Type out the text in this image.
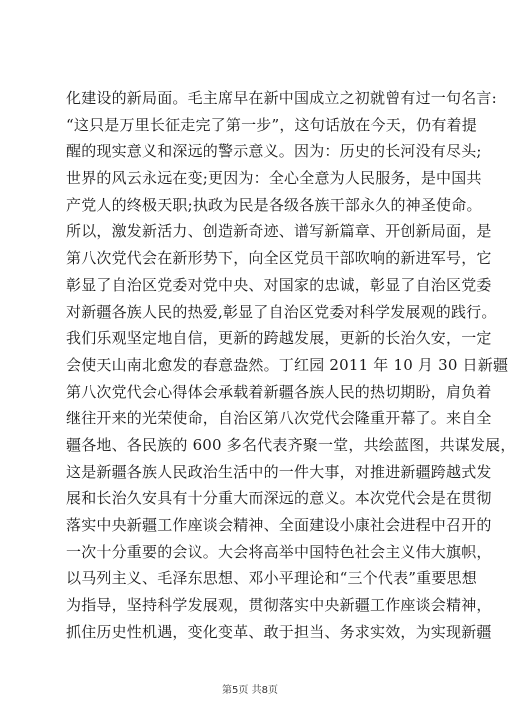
化建设的新局面。毛主席早在新中国成立之初就曾有过一句名言:
“这只是万里长征走完了第一步”，这句话放在今天，仍有着提
醒的现实意义和深远的警示意义。因为：历史的长河没有尽头;
世界的风云永远在变;更因为：全心全意为人民服务，是中国共
产党人的终极天职;执政为民是各级各族干部永久的神圣使命。
所以，激发新活力、创造新奇迹、谱写新篇章、开创新局面，是
第八次党代会在新形势下，向全区党员干部吹响的新进军号，它
彰显了自治区党委对党中央、对国家的忠诚，彰显了自治区党委
对新疆各族人民的热爱,彰显了自治区党委对科学发展观的践行。
我们乐观坚定地自信，更新的跨越发展，更新的长治久安，一定
会使天山南北愈发的春意盎然。丁红园 2011 年 10 月 30 日新疆
第八次党代会心得体会承载着新疆各族人民的热切期盼，肩负着
继往开来的光荣使命，自治区第八次党代会隆重开幕了。来自全
疆各地、各民族的 600 多名代表齐聚一堂，共绘蓝图，共谋发展，
这是新疆各族人民政治生活中的一件大事，对推进新疆跨越式发
展和长治久安具有十分重大而深远的意义。本次党代会是在贯彻
落实中央新疆工作座谈会精神、全面建设小康社会进程中召开的
一次十分重要的会议。大会将高举中国特色社会主义伟大旗帜，
以马列主义、毛泽东思想、邓小平理论和“三个代表”重要思想
为指导，坚持科学发展观，贯彻落实中央新疆工作座谈会精神，
抓住历史性机遇，变化变革、敢于担当、务求实效，为实现新疆
第5页 共8页
